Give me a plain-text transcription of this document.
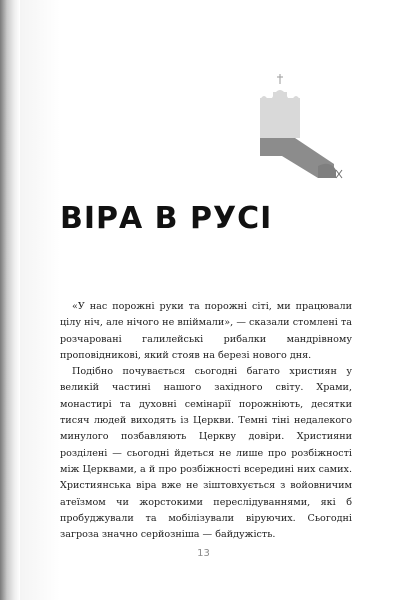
ВІРА В РУСІ

«У нас порожні руки та порожні сіті, ми працювали цілу ніч, але нічого не впіймали», — сказали стомлені та розчаровані галилейські рибалки мандрівному проповідникові, який стояв на березі нового дня.

Подібно почувається сьогодні багато християн у великій частині нашого західного світу. Храми, монастирі та духовні семінарії порожніють, десятки тисяч людей виходять із Церкви. Темні тіні недалекого минулого позбавляють Церкву довіри. Християни розділені — сьогодні йдеться не лише про розбіжності між Церквами, а й про розбіжності всередині них самих. Християнська віра вже не зіштовхується з войовничим атеїзмом чи жорстокими переслідуваннями, які б пробуджували та мобілізували віруючих. Сьогодні загроза значно серйозніша — байдужість.

13
